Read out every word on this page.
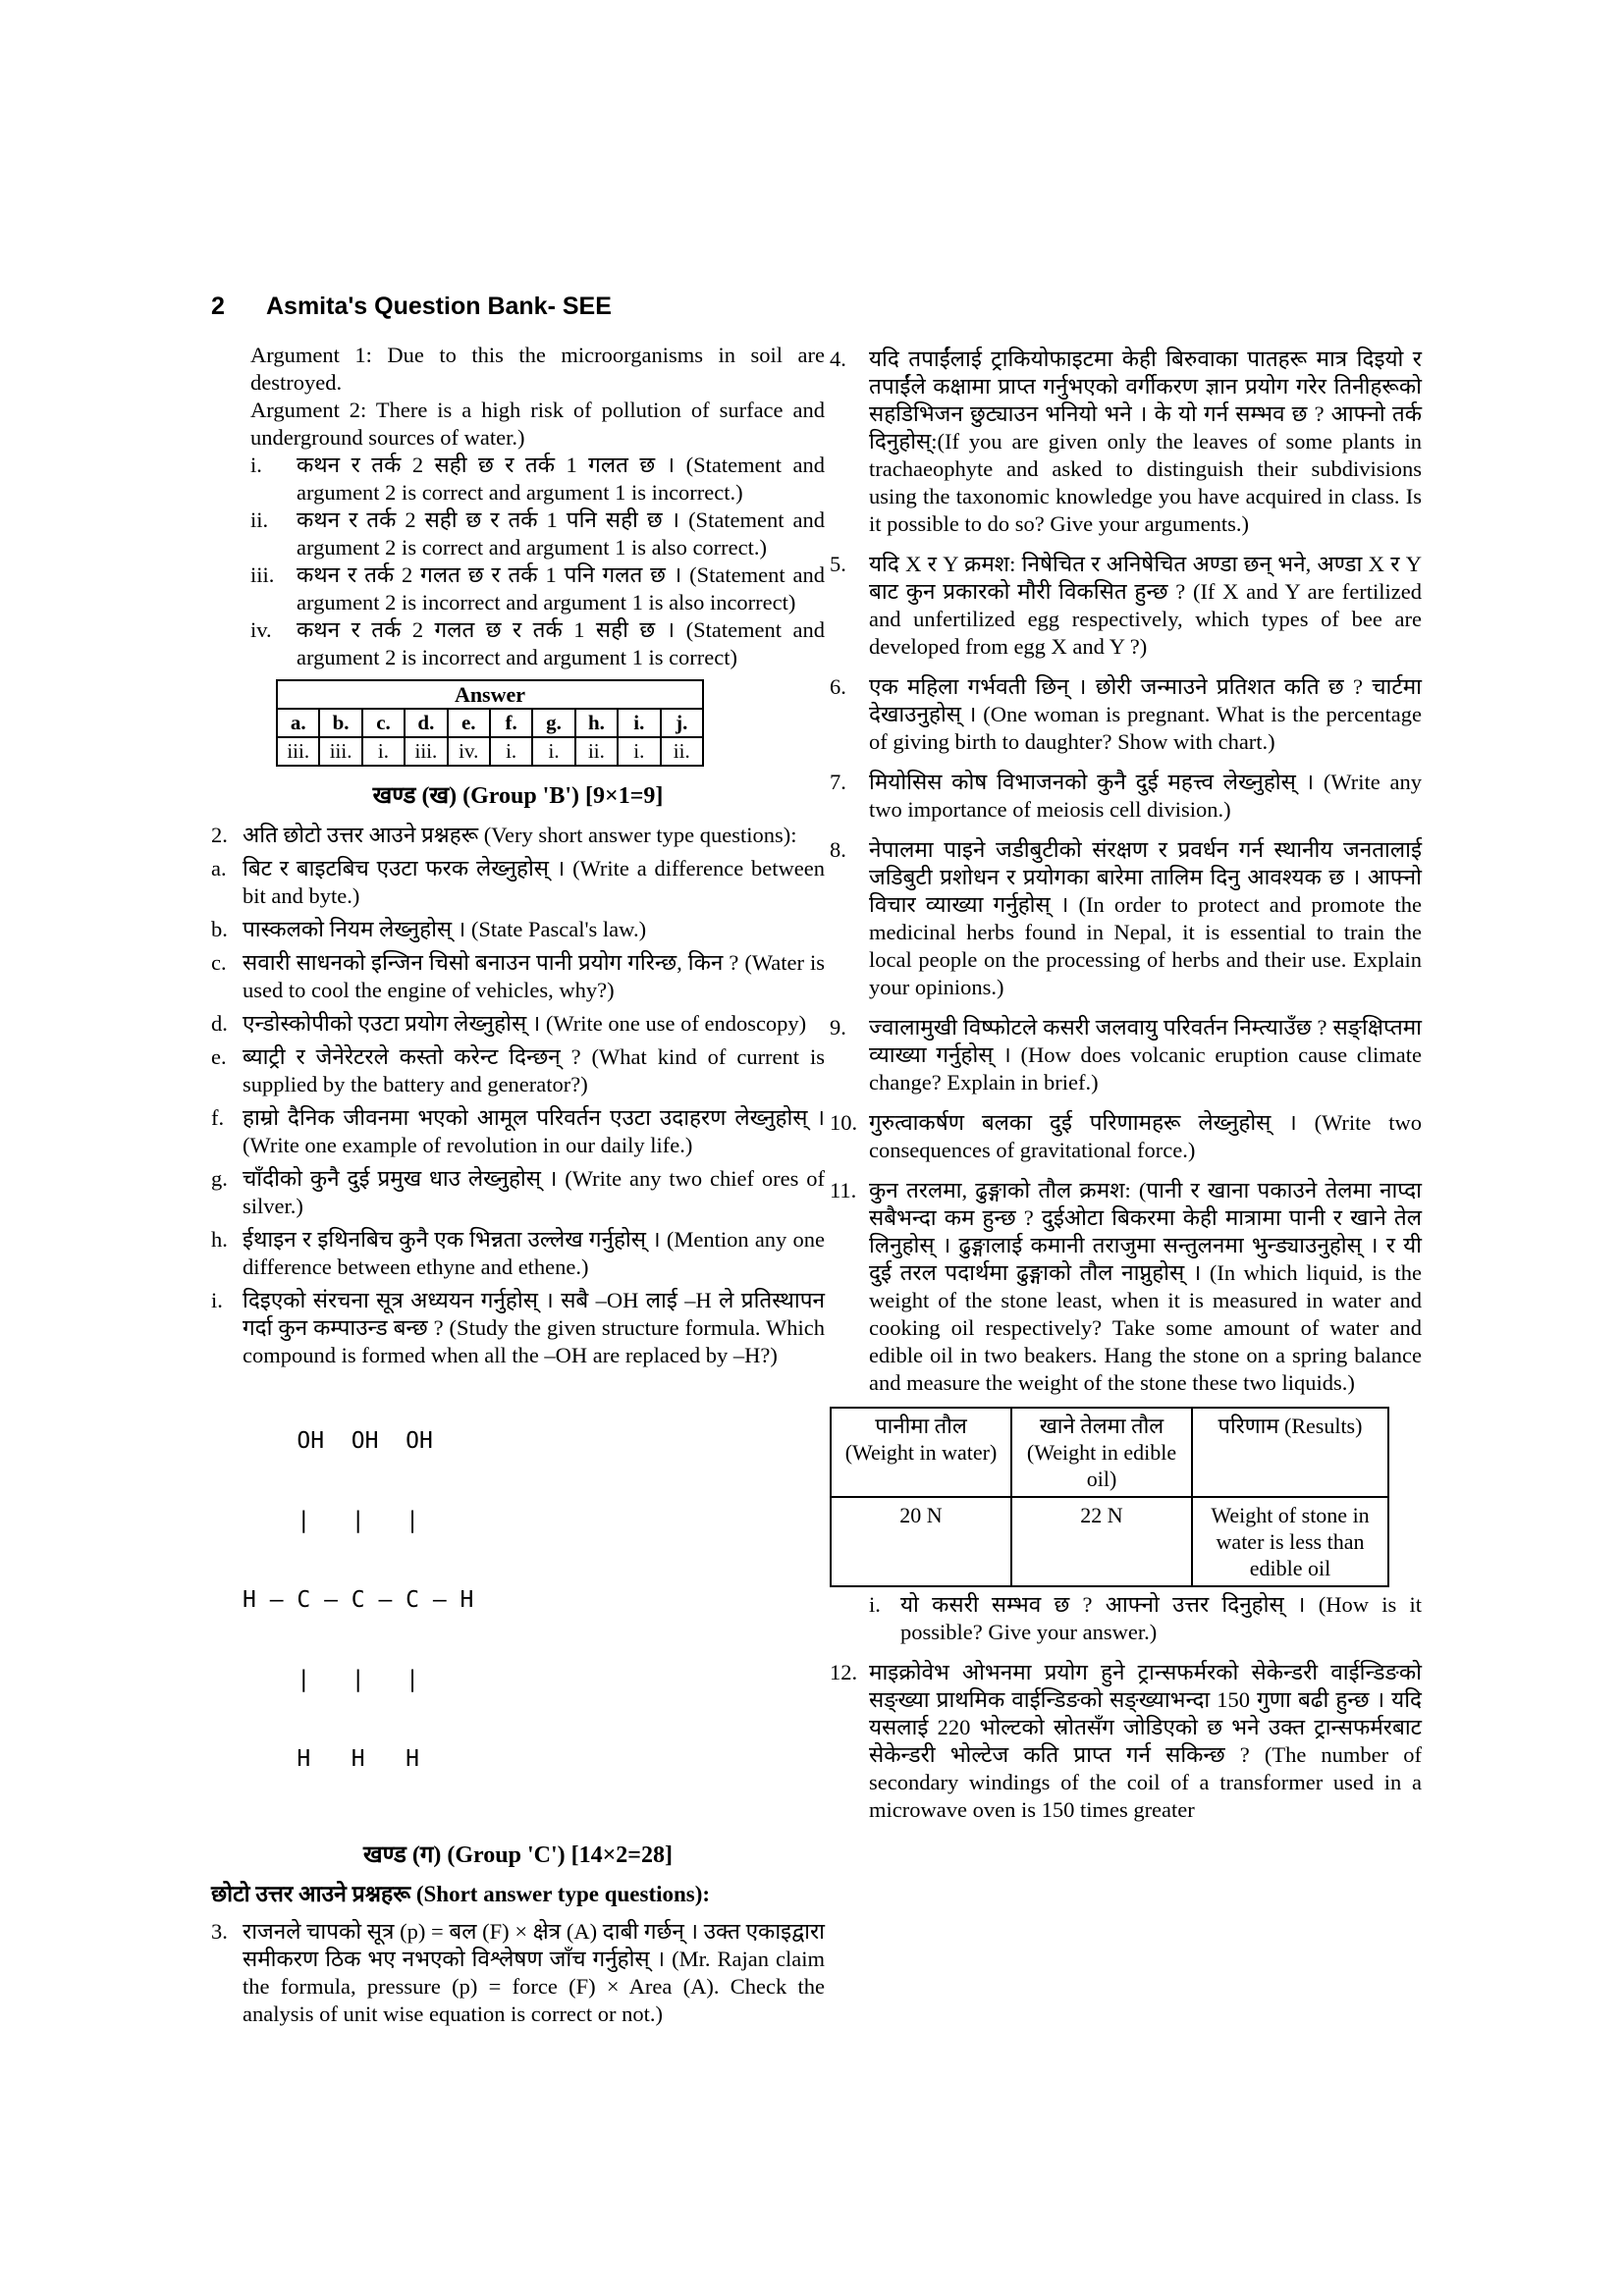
2	Asmita's Question Bank- SEE
Argument 1: Due to this the microorganisms in soil are destroyed.
Argument 2: There is a high risk of pollution of surface and underground sources of water.)
i.	कथन र तर्क 2 सही छ र तर्क 1 गलत छ । (Statement and argument 2 is correct and argument 1 is incorrect.)
ii.	कथन र तर्क 2 सही छ र तर्क 1 पनि सही छ । (Statement and argument 2 is correct and argument 1 is also correct.)
iii.	कथन र तर्क 2 गलत छ र तर्क 1 पनि गलत छ । (Statement and argument 2 is incorrect and argument 1 is also incorrect)
iv.	कथन र तर्क 2 गलत छ र तर्क 1 सही छ । (Statement and argument 2 is incorrect and argument 1 is correct)
Answer									
a.	b.	c.	d.	e.	f.	g.	h.	i.	j.
iii.	iii.	i.	iii.	iv.	i.	i.	ii.	i.	ii.
खण्ड (ख) (Group 'B') [9×1=9]
2. अति छोटो उत्तर आउने प्रश्नहरू (Very short answer type questions):
a. बिट र बाइटबिच एउटा फरक लेख्नुहोस् । (Write a difference between bit and byte.)
b. पास्कलको नियम लेख्नुहोस् । (State Pascal's law.)
c. सवारी साधनको इन्जिन चिसो बनाउन पानी प्रयोग गरिन्छ, किन ? (Water is used to cool the engine of vehicles, why?)
d. एन्डोस्कोपीको एउटा प्रयोग लेख्नुहोस् । (Write one use of endoscopy)
e. ब्याट्री र जेनेरेटरले कस्तो करेन्ट दिन्छन् ? (What kind of current is supplied by the battery and generator?)
f. हाम्रो दैनिक जीवनमा भएको आमूल परिवर्तन एउटा उदाहरण लेख्नुहोस् । (Write one example of revolution in our daily life.)
g. चाँदीको कुनै दुई प्रमुख धाउ लेख्नुहोस् । (Write any two chief ores of silver.)
h. ईथाइन र इथिनबिच कुनै एक भिन्नता उल्लेख गर्नुहोस् । (Mention any one difference between ethyne and ethene.)
i. दिइएको संरचना सूत्र अध्ययन गर्नुहोस् । सबै –OH लाई –H ले प्रतिस्थापन गर्दा कुन कम्पाउन्ड बन्छ ? (Study the given structure formula. Which compound is formed when all the –OH are replaced by –H?)

OH  OH  OH

|   |   |

H – C – C – C – H

|   |   |

H   H   H

खण्ड (ग) (Group 'C') [14×2=28]
छोटो उत्तर आउने प्रश्नहरू (Short answer type questions):
3. राजनले चापको सूत्र (p) = बल (F) × क्षेत्र (A) दाबी गर्छन् । उक्त एकाइद्वारा समीकरण ठिक भए नभएको विश्लेषण जाँच गर्नुहोस् । (Mr. Rajan claim the formula, pressure (p) = force (F) × Area (A). Check the analysis of unit wise equation is correct or not.)
4.	यदि तपाईंलाई ट्राकियोफाइटमा केही बिरुवाका पातहरू मात्र दिइयो र तपाईंले कक्षामा प्राप्त गर्नुभएको वर्गीकरण ज्ञान प्रयोग गरेर तिनीहरूको सहडिभिजन छुट्याउन भनियो भने । के यो गर्न सम्भव छ ? आफ्नो तर्क दिनुहोस्:(If you are given only the leaves of some plants in trachaeophyte and asked to distinguish their subdivisions using the taxonomic knowledge you have acquired in class. Is it possible to do so? Give your arguments.)
5.	यदि X र Y क्रमश: निषेचित र अनिषेचित अण्डा छन् भने, अण्डा X र Y बाट कुन प्रकारको मौरी विकसित हुन्छ ? (If X and Y are fertilized and unfertilized egg respectively, which types of bee are developed from egg X and Y ?)
6.	एक महिला गर्भवती छिन् । छोरी जन्माउने प्रतिशत कति छ ? चार्टमा देखाउनुहोस् । (One woman is pregnant. What is the percentage of giving birth to daughter? Show with chart.)
7.	मियोसिस कोष विभाजनको कुनै दुई महत्त्व लेख्नुहोस् । (Write any two importance of meiosis cell division.)
8.	नेपालमा पाइने जडीबुटीको संरक्षण र प्रवर्धन गर्न स्थानीय जनतालाई जडिबुटी प्रशोधन र प्रयोगका बारेमा तालिम दिनु आवश्यक छ । आफ्नो विचार व्याख्या गर्नुहोस् । (In order to protect and promote the medicinal herbs found in Nepal, it is essential to train the local people on the processing of herbs and their use. Explain your opinions.)
9.	ज्वालामुखी विष्फोटले कसरी जलवायु परिवर्तन निम्त्याउँछ ? सङ्क्षिप्तमा व्याख्या गर्नुहोस् । (How does volcanic eruption cause climate change? Explain in brief.)
10. गुरुत्वाकर्षण बलका दुई परिणामहरू लेख्नुहोस् । (Write two consequences of gravitational force.)
11. कुन तरलमा, ढुङ्गाको तौल क्रमश: (पानी र खाना पकाउने तेलमा नाप्दा सबैभन्दा कम हुन्छ ? दुईओटा बिकरमा केही मात्रामा पानी र खाने तेल लिनुहोस् । ढुङ्गालाई कमानी तराजुमा सन्तुलनमा भुन्ड्याउनुहोस् । र यी दुई तरल पदार्थमा ढुङ्गाको तौल नाप्नुहोस् । (In which liquid, is the weight of the stone least, when it is measured in water and cooking oil respectively? Take some amount of water and edible oil in two beakers. Hang the stone on a spring balance and measure the weight of the stone these two liquids.)
पानीमा तौल (Weight in water)	खाने तेलमा तौल (Weight in edible oil)	परिणाम (Results)
20 N	22 N	Weight of stone in water is less than edible oil
i. यो कसरी सम्भव छ ? आफ्नो उत्तर दिनुहोस् । (How is it possible? Give your answer.)
12. माइक्रोवेभ ओभनमा प्रयोग हुने ट्रान्सफर्मरको सेकेन्डरी वाईन्डिङको सङ्ख्या प्राथमिक वाईन्डिङको सङ्ख्याभन्दा 150 गुणा बढी हुन्छ । यदि यसलाई 220 भोल्टको स्रोतसँग जोडिएको छ भने उक्त ट्रान्सफर्मरबाट सेकेन्डरी भोल्टेज कति प्राप्त गर्न सकिन्छ ? (The number of secondary windings of the coil of a transformer used in a microwave oven is 150 times greater
